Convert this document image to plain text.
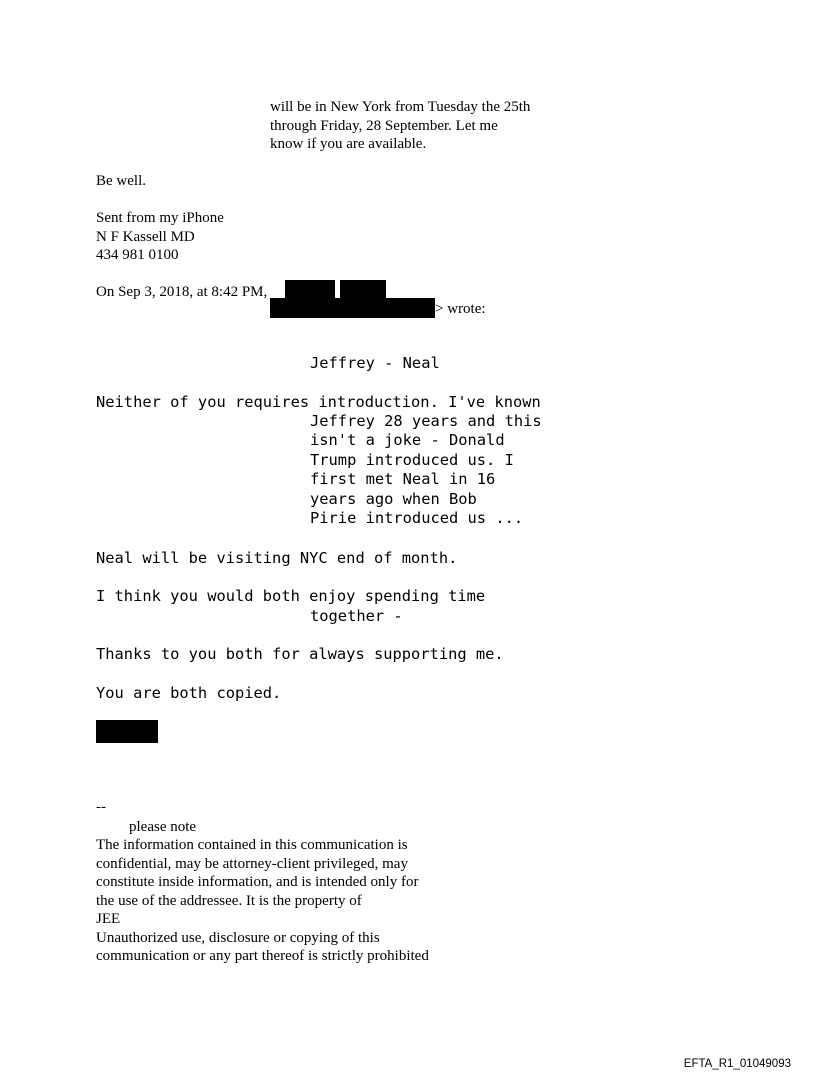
will be in New York from Tuesday the 25th
through Friday, 28 September. Let me
know if you are available.
Be well.
Sent from my iPhone
N F Kassell MD
434 981 0100
On Sep 3, 2018, at 8:42 PM,
> wrote:
Jeffrey - Neal
Neither of you requires introduction. I've known
Jeffrey 28 years and this
isn't a joke - Donald
Trump introduced us. I
first met Neal in 16
years ago when Bob
Pirie introduced us ...
Neal will be visiting NYC end of month.
I think you would both enjoy spending time
together -
Thanks to you both for always supporting me.
You are both copied.
--
please note
The information contained in this communication is
confidential, may be attorney-client privileged, may
constitute inside information, and is intended only for
the use of the addressee. It is the property of
JEE
Unauthorized use, disclosure or copying of this
communication or any part thereof is strictly prohibited
EFTA_R1_01049093
